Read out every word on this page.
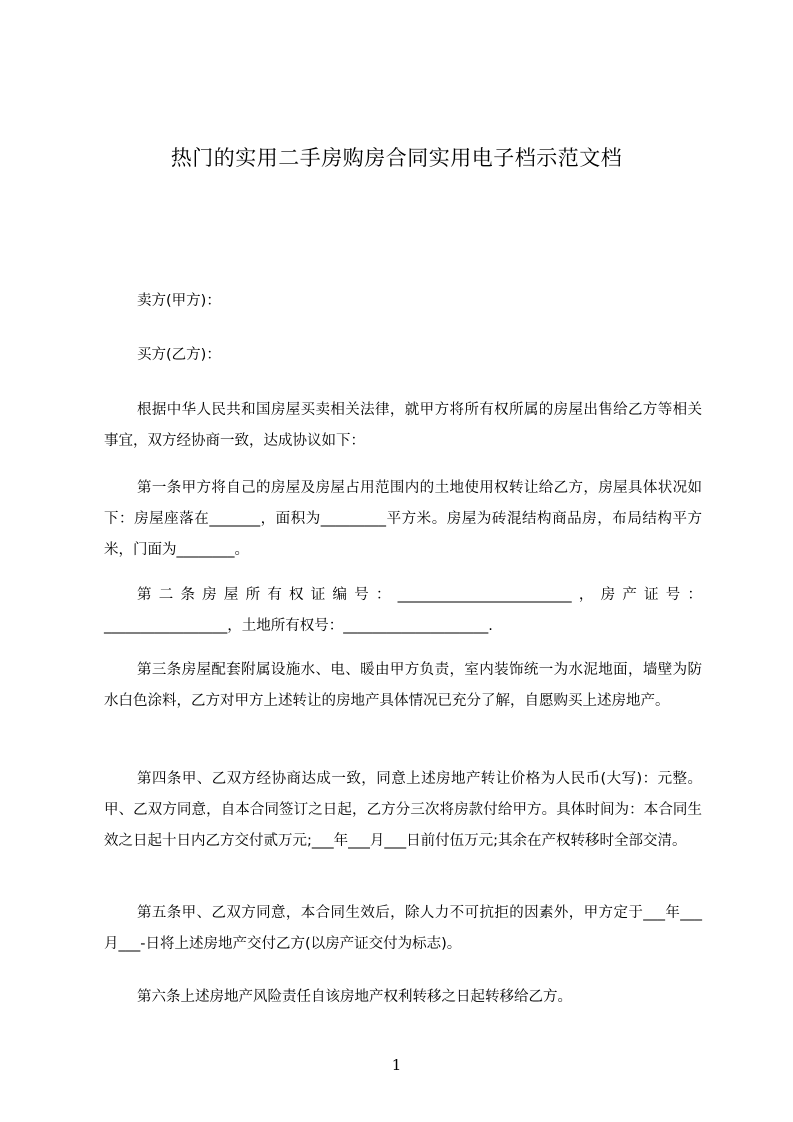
热门的实用二手房购房合同实用电子档示范文档

卖方(甲方)：

买方(乙方)：

根据中华人民共和国房屋买卖相关法律，就甲方将所有权所属的房屋出售给乙方等相关事宜，双方经协商一致，达成协议如下：

第一条甲方将自己的房屋及房屋占用范围内的土地使用权转让给乙方，房屋具体状况如下：房屋座落在_______，面积为_________平方米。房屋为砖混结构商品房，布局结构平方米，门面为________。

第二条房屋所有权证编号：________________________，房产证号：_________________，土地所有权号：____________________.

第三条房屋配套附属设施水、电、暖由甲方负责，室内装饰统一为水泥地面，墙壁为防水白色涂料，乙方对甲方上述转让的房地产具体情况已充分了解，自愿购买上述房地产。

第四条甲、乙双方经协商达成一致，同意上述房地产转让价格为人民币(大写)：元整。甲、乙双方同意，自本合同签订之日起，乙方分三次将房款付给甲方。具体时间为：本合同生效之日起十日内乙方交付贰万元;___年___月___日前付伍万元;其余在产权转移时全部交清。

第五条甲、乙双方同意，本合同生效后，除人力不可抗拒的因素外，甲方定于___年___月___-日将上述房地产交付乙方(以房产证交付为标志)。

第六条上述房地产风险责任自该房地产权利转移之日起转移给乙方。

1
